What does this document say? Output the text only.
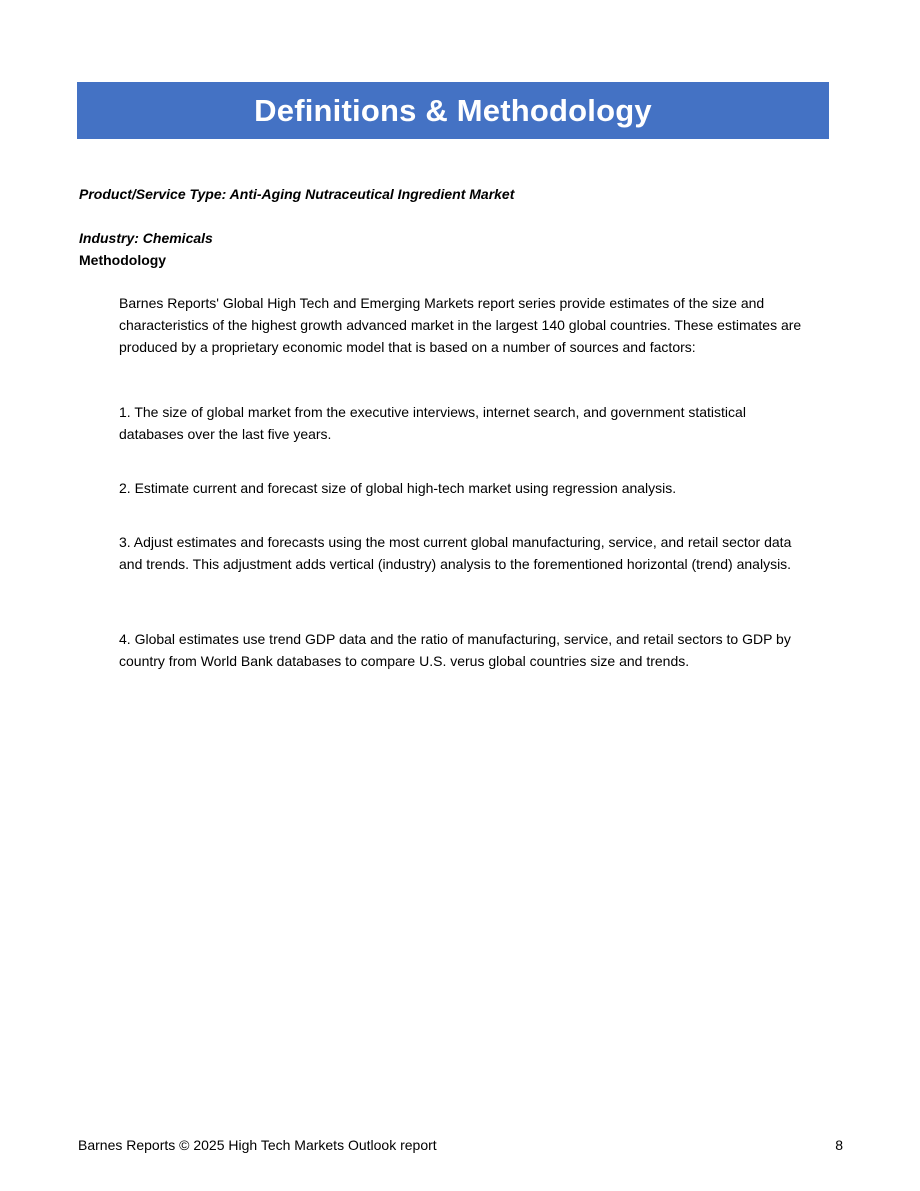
Definitions & Methodology
Product/Service Type: Anti-Aging Nutraceutical Ingredient Market
Industry: Chemicals
Methodology

Barnes Reports' Global High Tech and Emerging Markets report series provide estimates of the size and characteristics of the highest growth advanced market in the largest 140 global countries. These estimates are produced by a proprietary economic model that is based on a number of sources and factors:

1. The size of global market from the executive interviews, internet search, and government statistical databases over the last five years.

2. Estimate current and forecast size of global high-tech market using regression analysis.

3. Adjust estimates and forecasts using the most current global manufacturing, service, and retail sector data and trends. This adjustment adds vertical (industry) analysis to the forementioned horizontal (trend) analysis.

4. Global estimates use trend GDP data and the ratio of manufacturing, service, and retail sectors to GDP by country from World Bank databases to compare U.S. verus global countries size and trends.

Barnes Reports © 2025 High Tech Markets Outlook report	8
